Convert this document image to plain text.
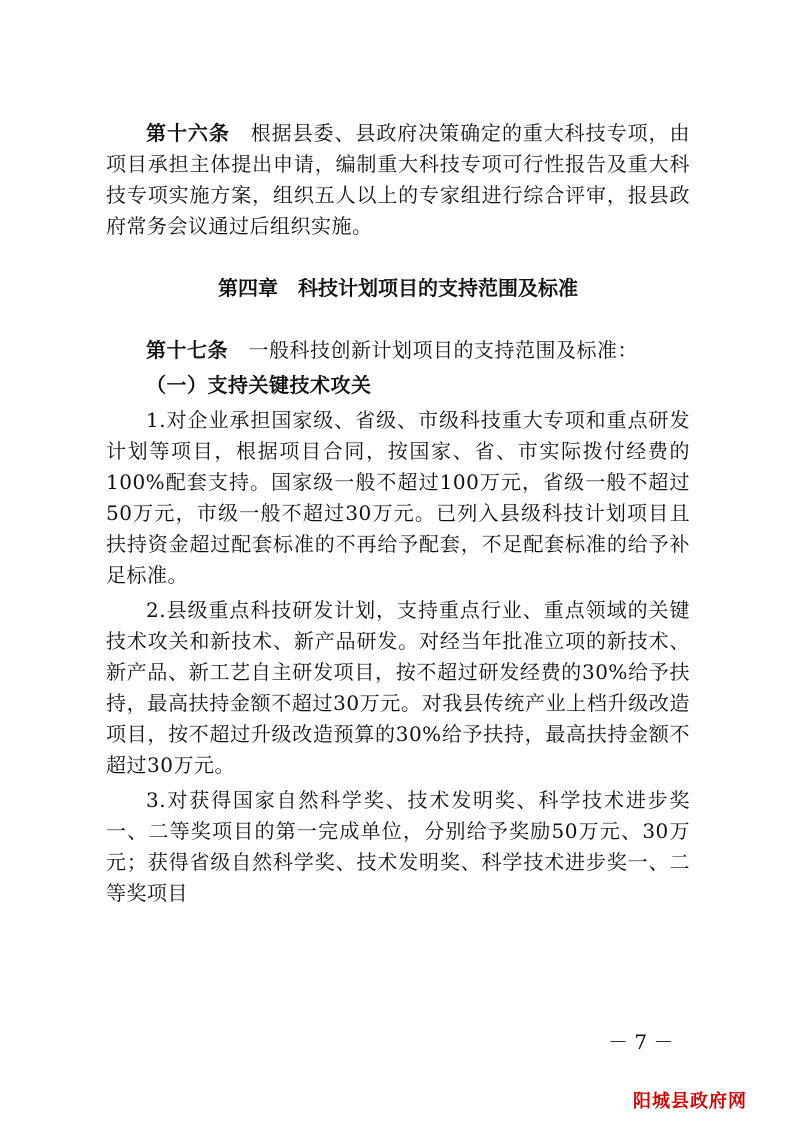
第十六条  根据县委、县政府决策确定的重大科技专项，由项目承担主体提出申请，编制重大科技专项可行性报告及重大科技专项实施方案，组织五人以上的专家组进行综合评审，报县政府常务会议通过后组织实施。

第四章  科技计划项目的支持范围及标准

第十七条  一般科技创新计划项目的支持范围及标准：

（一）支持关键技术攻关

1.对企业承担国家级、省级、市级科技重大专项和重点研发计划等项目，根据项目合同，按国家、省、市实际拨付经费的100%配套支持。国家级一般不超过100万元，省级一般不超过50万元，市级一般不超过30万元。已列入县级科技计划项目且扶持资金超过配套标准的不再给予配套，不足配套标准的给予补足标准。

2.县级重点科技研发计划，支持重点行业、重点领域的关键技术攻关和新技术、新产品研发。对经当年批准立项的新技术、新产品、新工艺自主研发项目，按不超过研发经费的30%给予扶持，最高扶持金额不超过30万元。对我县传统产业上档升级改造项目，按不超过升级改造预算的30%给予扶持，最高扶持金额不超过30万元。

3.对获得国家自然科学奖、技术发明奖、科学技术进步奖一、二等奖项目的第一完成单位，分别给予奖励50万元、30万元；获得省级自然科学奖、技术发明奖、科学技术进步奖一、二等奖项目

－ 7 －
阳城县政府网
